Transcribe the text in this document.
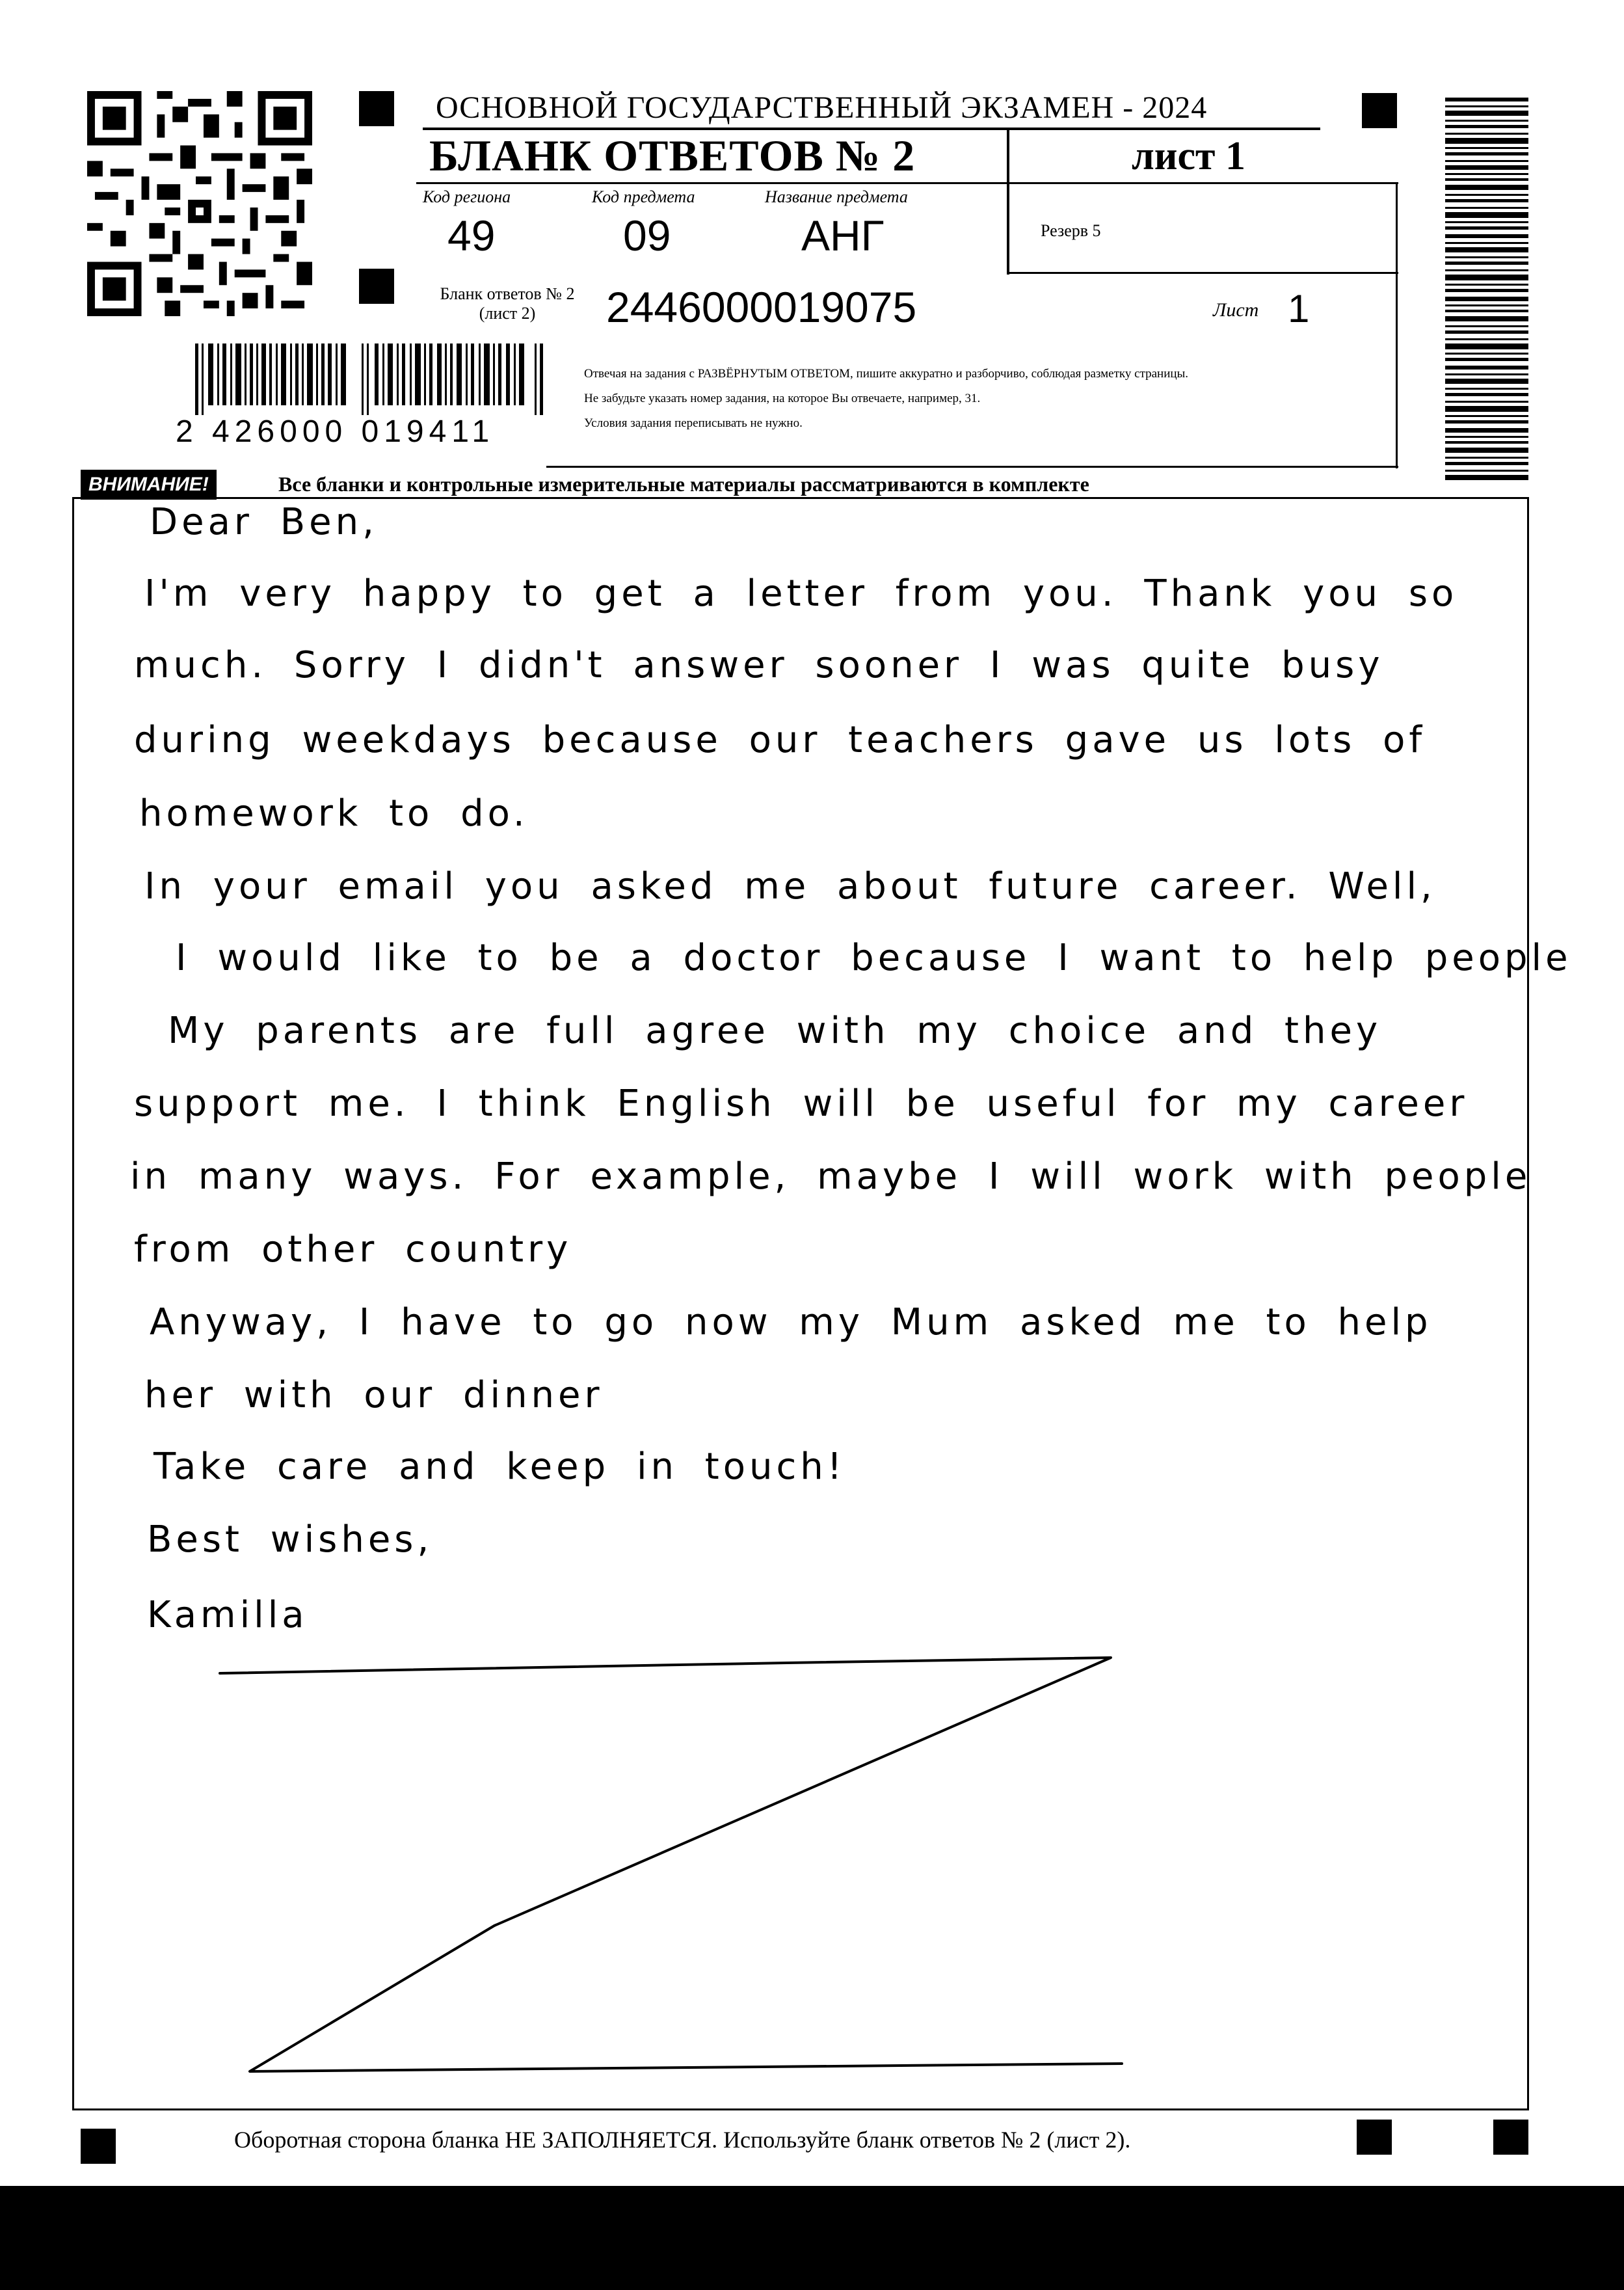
2 426000 019411
ОСНОВНОЙ ГОСУДАРСТВЕННЫЙ ЭКЗАМЕН - 2024
БЛАНК ОТВЕТОВ № 2	лист 1
Код региона
49
Код предмета
09
Название предмета
АНГ	Резерв 5
Бланк ответов № 2
(лист 2)	2446000019075	Лист 1
Отвечая на задания с РАЗВЁРНУТЫМ ОТВЕТОМ, пишите аккуратно и разборчиво, соблюдая разметку страницы.
Не забудьте указать номер задания, на которое Вы отвечаете, например, 31.
Условия задания переписывать не нужно.
ВНИМАНИЕ!	Все бланки и контрольные измерительные материалы рассматриваются в комплекте
Dear Ben,
I'm very happy to get a letter from you. Thank you so
much. Sorry I didn't answer sooner I was quite busy
during weekdays because our teachers gave us lots of
homework to do.
In your email you asked me about future career. Well,
I would like to be a doctor because I want to help people
My parents are full agree with my choice and they
support me. I think English will be useful for my career
in many ways. For example, maybe I will work with people
from other country
Anyway, I have to go now my Mum asked me to help
her with our dinner
Take care and keep in touch!
Best wishes,
Kamilla
Оборотная сторона бланка НЕ ЗАПОЛНЯЕТСЯ. Используйте бланк ответов № 2 (лист 2).
